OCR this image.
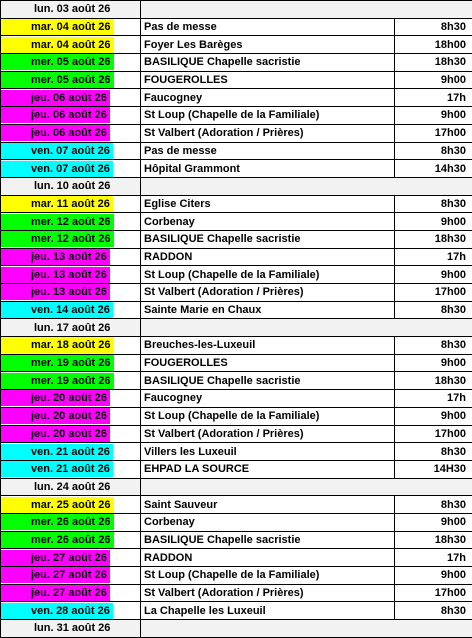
lun. 03 août 26		
mar. 04 août 26	Pas de messe	8h30
mar. 04 août 26	Foyer Les Barèges	18h00
mer. 05 août 26	BASILIQUE Chapelle sacristie	18h30
mer. 05 août 26	FOUGEROLLES	9h00
jeu. 06 août 26	Faucogney	17h
jeu. 06 août 26	St Loup (Chapelle de la Familiale)	9h00
jeu. 06 août 26	St Valbert (Adoration / Prières)	17h00
ven. 07 août 26	Pas de messe	8h30
ven. 07 août 26	Hôpital Grammont	14h30
lun. 10 août 26		
mar. 11 août 26	Eglise Citers	8h30
mer. 12 août 26	Corbenay	9h00
mer. 12 août 26	BASILIQUE Chapelle sacristie	18h30
jeu. 13 août 26	RADDON	17h
jeu. 13 août 26	St Loup (Chapelle de la Familiale)	9h00
jeu. 13 août 26	St Valbert (Adoration / Prières)	17h00
ven. 14 août 26	Sainte Marie en Chaux	8h30
lun. 17 août 26		
mar. 18 août 26	Breuches-les-Luxeuil	8h30
mer. 19 août 26	FOUGEROLLES	9h00
mer. 19 août 26	BASILIQUE Chapelle sacristie	18h30
jeu. 20 août 26	Faucogney	17h
jeu. 20 août 26	St Loup (Chapelle de la Familiale)	9h00
jeu. 20 août 26	St Valbert (Adoration / Prières)	17h00
ven. 21 août 26	Villers les Luxeuil	8h30
ven. 21 août 26	EHPAD LA SOURCE	14H30
lun. 24 août 26		
mar. 25 août 26	Saint Sauveur	8h30
mer. 26 août 26	Corbenay	9h00
mer. 26 août 26	BASILIQUE Chapelle sacristie	18h30
jeu. 27 août 26	RADDON	17h
jeu. 27 août 26	St Loup (Chapelle de la Familiale)	9h00
jeu. 27 août 26	St Valbert (Adoration / Prières)	17h00
ven. 28 août 26	La Chapelle les Luxeuil	8h30
lun. 31 août 26		
